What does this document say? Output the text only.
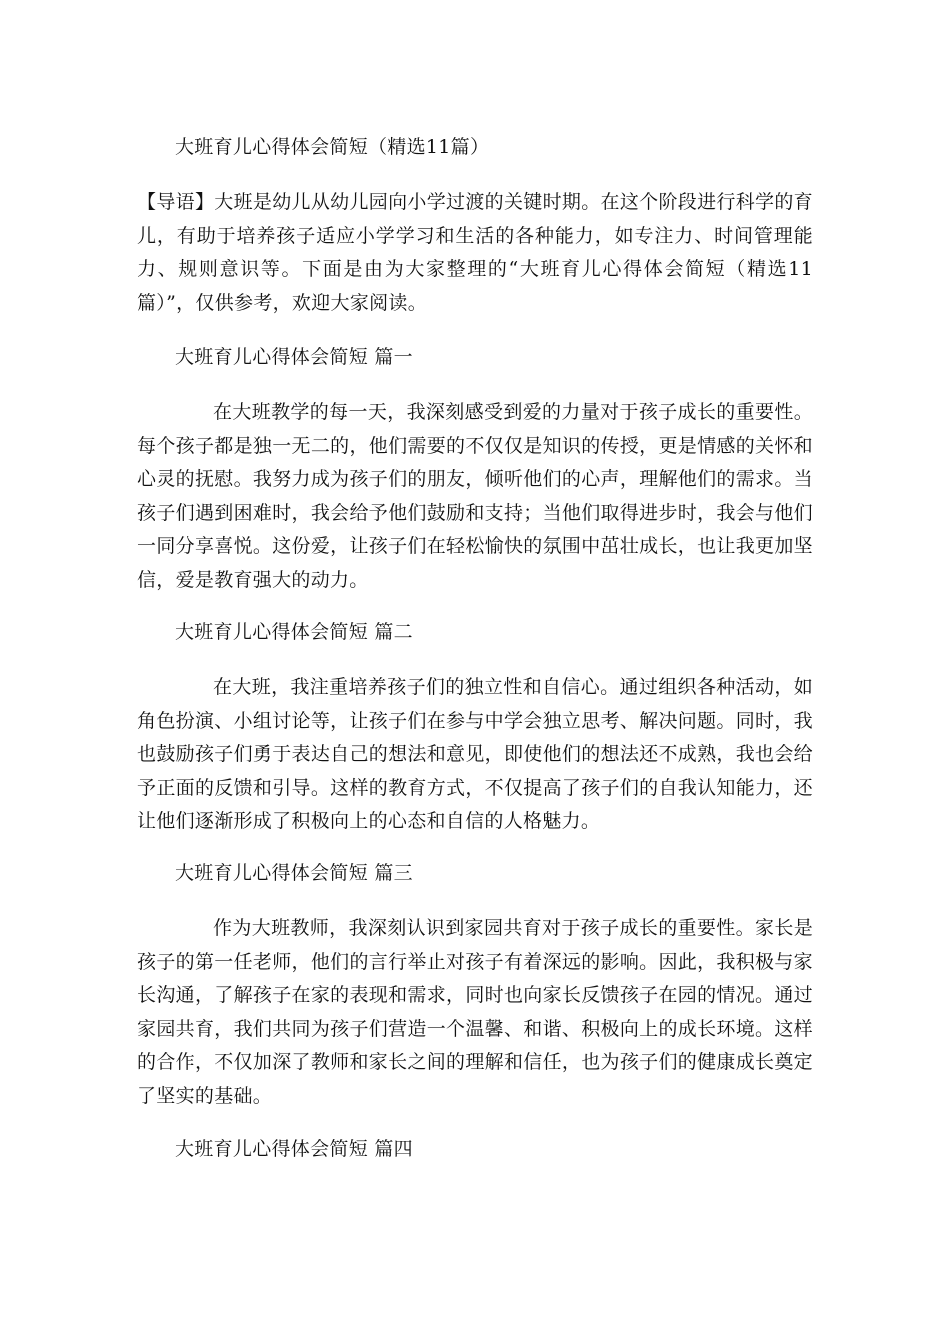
大班育儿心得体会简短（精选11篇）
【导语】大班是幼儿从幼儿园向小学过渡的关键时期。在这个阶段进行科学的育儿，有助于培养孩子适应小学学习和生活的各种能力，如专注力、时间管理能力、规则意识等。下面是由为大家整理的“大班育儿心得体会简短（精选11篇）”，仅供参考，欢迎大家阅读。
大班育儿心得体会简短 篇一
在大班教学的每一天，我深刻感受到爱的力量对于孩子成长的重要性。每个孩子都是独一无二的，他们需要的不仅仅是知识的传授，更是情感的关怀和心灵的抚慰。我努力成为孩子们的朋友，倾听他们的心声，理解他们的需求。当孩子们遇到困难时，我会给予他们鼓励和支持；当他们取得进步时，我会与他们一同分享喜悦。这份爱，让孩子们在轻松愉快的氛围中茁壮成长，也让我更加坚信，爱是教育强大的动力。
大班育儿心得体会简短 篇二
在大班，我注重培养孩子们的独立性和自信心。通过组织各种活动，如角色扮演、小组讨论等，让孩子们在参与中学会独立思考、解决问题。同时，我也鼓励孩子们勇于表达自己的想法和意见，即使他们的想法还不成熟，我也会给予正面的反馈和引导。这样的教育方式，不仅提高了孩子们的自我认知能力，还让他们逐渐形成了积极向上的心态和自信的人格魅力。
大班育儿心得体会简短 篇三
作为大班教师，我深刻认识到家园共育对于孩子成长的重要性。家长是孩子的第一任老师，他们的言行举止对孩子有着深远的影响。因此，我积极与家长沟通，了解孩子在家的表现和需求，同时也向家长反馈孩子在园的情况。通过家园共育，我们共同为孩子们营造一个温馨、和谐、积极向上的成长环境。这样的合作，不仅加深了教师和家长之间的理解和信任，也为孩子们的健康成长奠定了坚实的基础。
大班育儿心得体会简短 篇四
